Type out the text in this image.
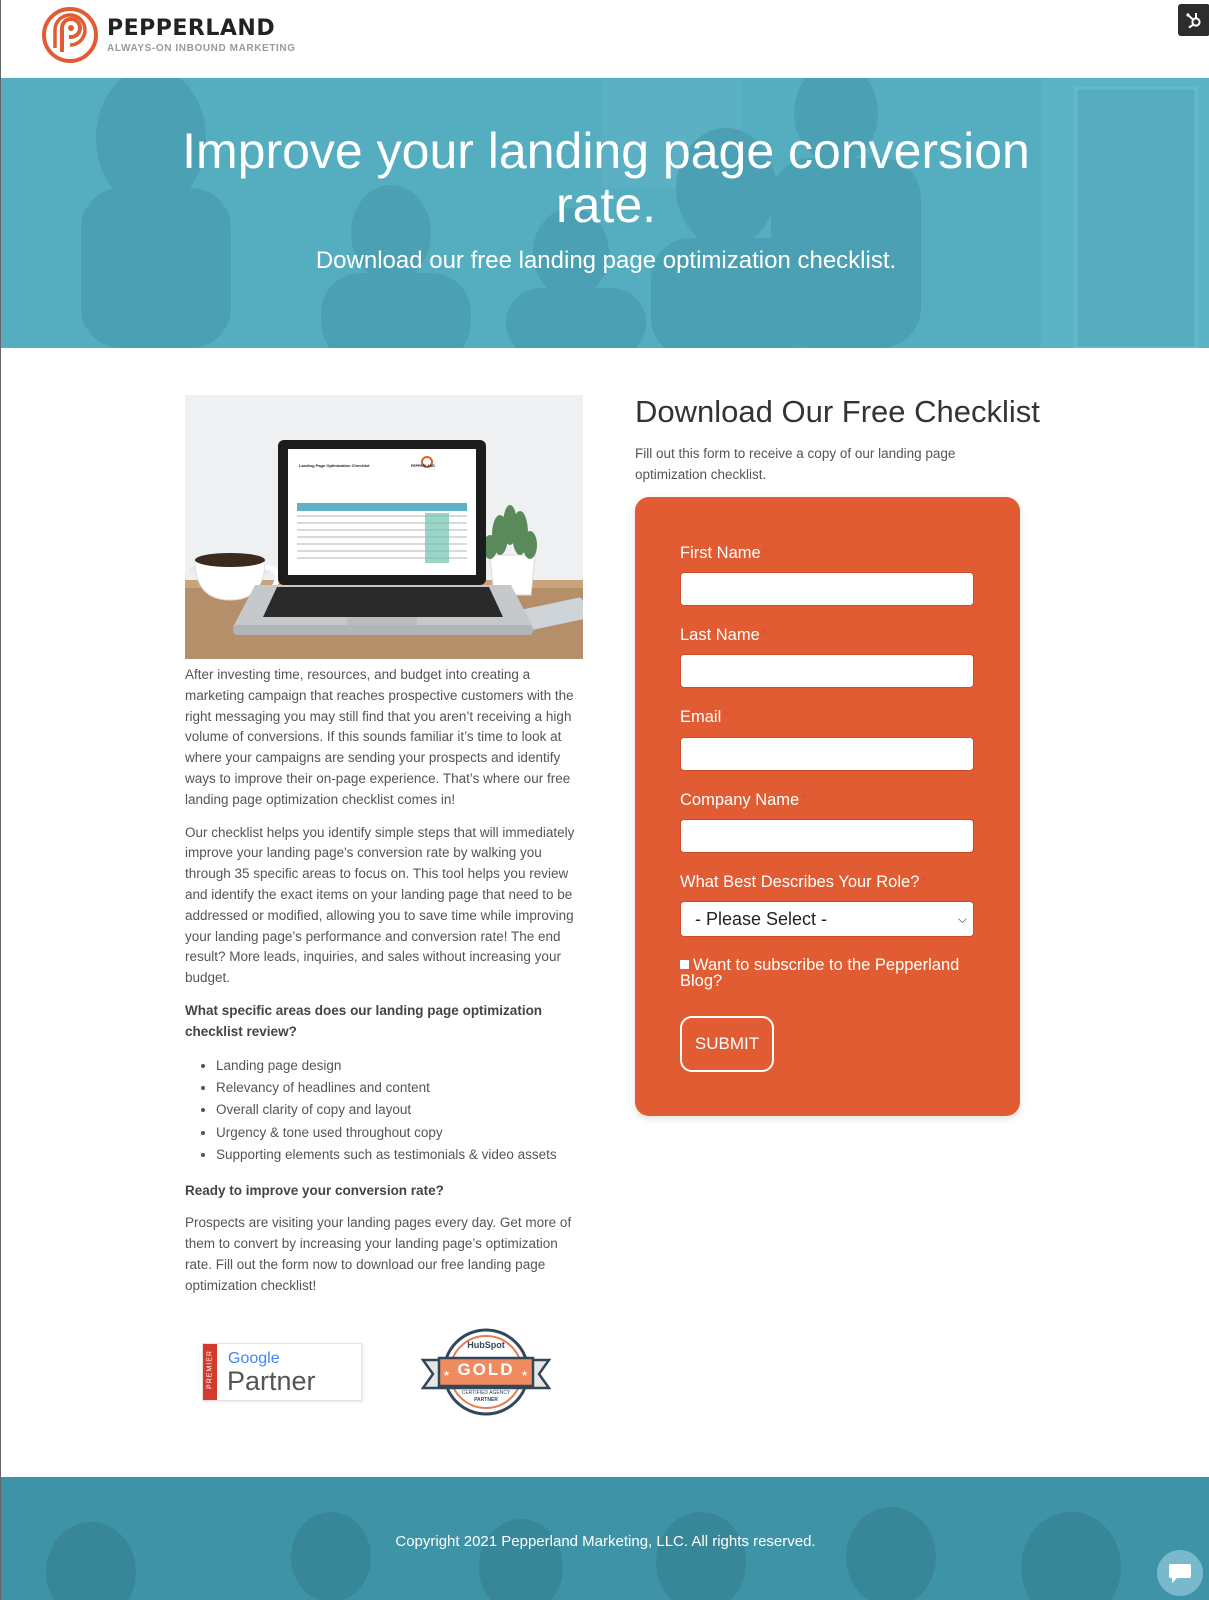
PEPPERLAND
ALWAYS-ON INBOUND MARKETING
Improve your landing page conversion rate.
Download our free landing page optimization checklist.
Landing Page Optimization Checklist	PEPPERLAND

After investing time, resources, and budget into creating a marketing campaign that reaches prospective customers with the right messaging you may still find that you aren’t receiving a high volume of conversions. If this sounds familiar it’s time to look at where your campaigns are sending your prospects and identify ways to improve their on-page experience. That’s where our free landing page optimization checklist comes in!

Our checklist helps you identify simple steps that will immediately improve your landing page's conversion rate by walking you through 35 specific areas to focus on. This tool helps you review and identify the exact items on your landing page that need to be addressed or modified, allowing you to save time while improving your landing page’s performance and conversion rate! The end result? More leads, inquiries, and sales without increasing your budget.

What specific areas does our landing page optimization checklist review?

• Landing page design
• Relevancy of headlines and content
• Overall clarity of copy and layout
• Urgency & tone used throughout copy
• Supporting elements such as testimonials & video assets

Ready to improve your conversion rate?

Prospects are visiting your landing pages every day. Get more of them to convert by increasing your landing page’s optimization rate. Fill out the form now to download our free landing page optimization checklist!

PREMIER Google
Partner	★	★
HubSpot
GOLD
CERTIFIED AGENCY
PARTNER
Download Our Free Checklist

Fill out this form to receive a copy of our landing page optimization checklist.

First Name*
Last Name*
Email*
Company Name*
What Best Describes Your Role?*
- Please Select -	⌵
Want to subscribe to the Pepperland Blog?
SUBMIT
Copyright 2021 Pepperland Marketing, LLC. All rights reserved.
